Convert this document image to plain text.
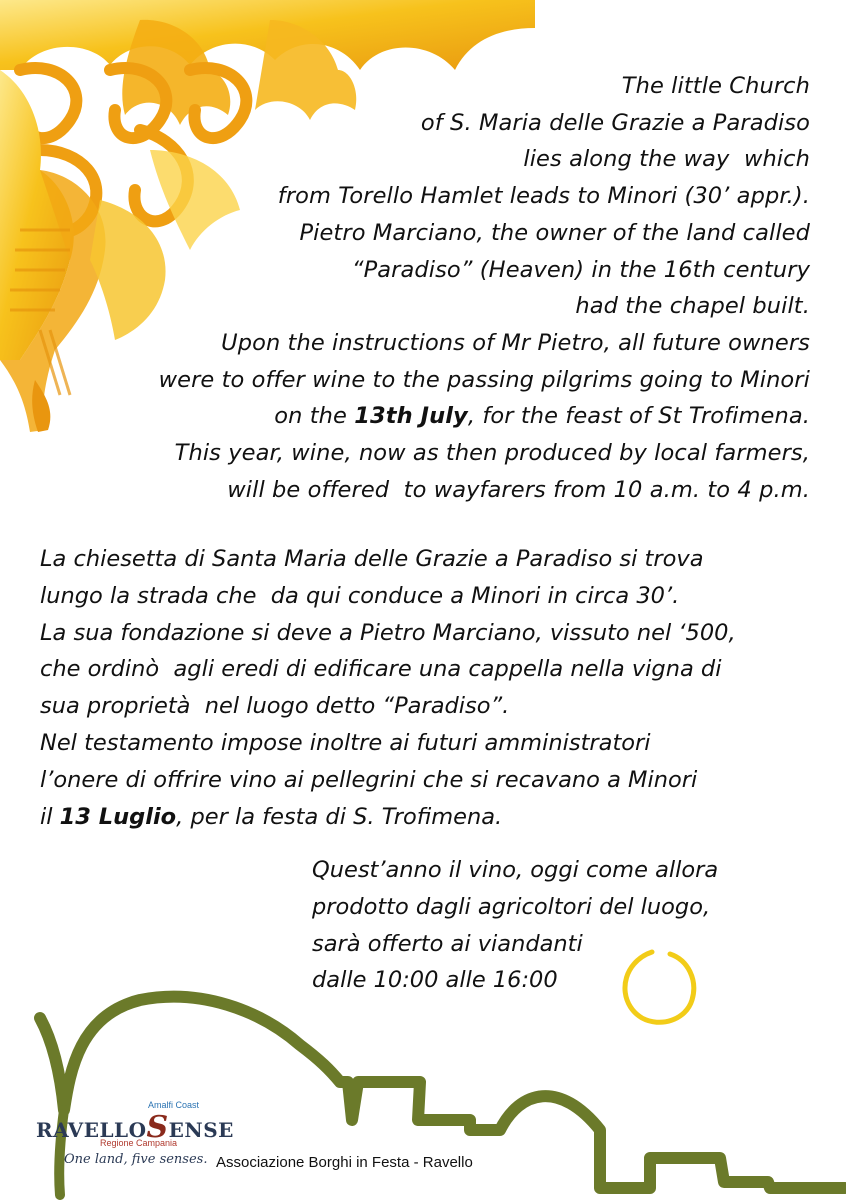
The little Church
of S. Maria delle Grazie a Paradiso
lies along the way  which
from Torello Hamlet leads to Minori (30’ appr.).
Pietro Marciano, the owner of the land called
“Paradiso” (Heaven) in the 16th century
had the chapel built.
Upon the instructions of Mr Pietro, all future owners
were to offer wine to the passing pilgrims going to Minori
on the 13th July, for the feast of St Trofimena.
This year, wine, now as then produced by local farmers,
will be offered  to wayfarers from 10 a.m. to 4 p.m.
La chiesetta di Santa Maria delle Grazie a Paradiso si trova
lungo la strada che  da qui conduce a Minori in circa 30’.
La sua fondazione si deve a Pietro Marciano, vissuto nel ‘500,
che ordinò  agli eredi di edificare una cappella nella vigna di
sua proprietà  nel luogo detto “Paradiso”.
Nel testamento impose inoltre ai futuri amministratori
l’onere di offrire vino ai pellegrini che si recavano a Minori
il 13 Luglio, per la festa di S. Trofimena.
Quest’anno il vino, oggi come allora
prodotto dagli agricoltori del luogo,
sarà offerto ai viandanti
dalle 10:00 alle 16:00
Amalfi Coast
RAVELLOSENSE
Regione Campania
One land, five senses. Associazione Borghi in Festa - Ravello
